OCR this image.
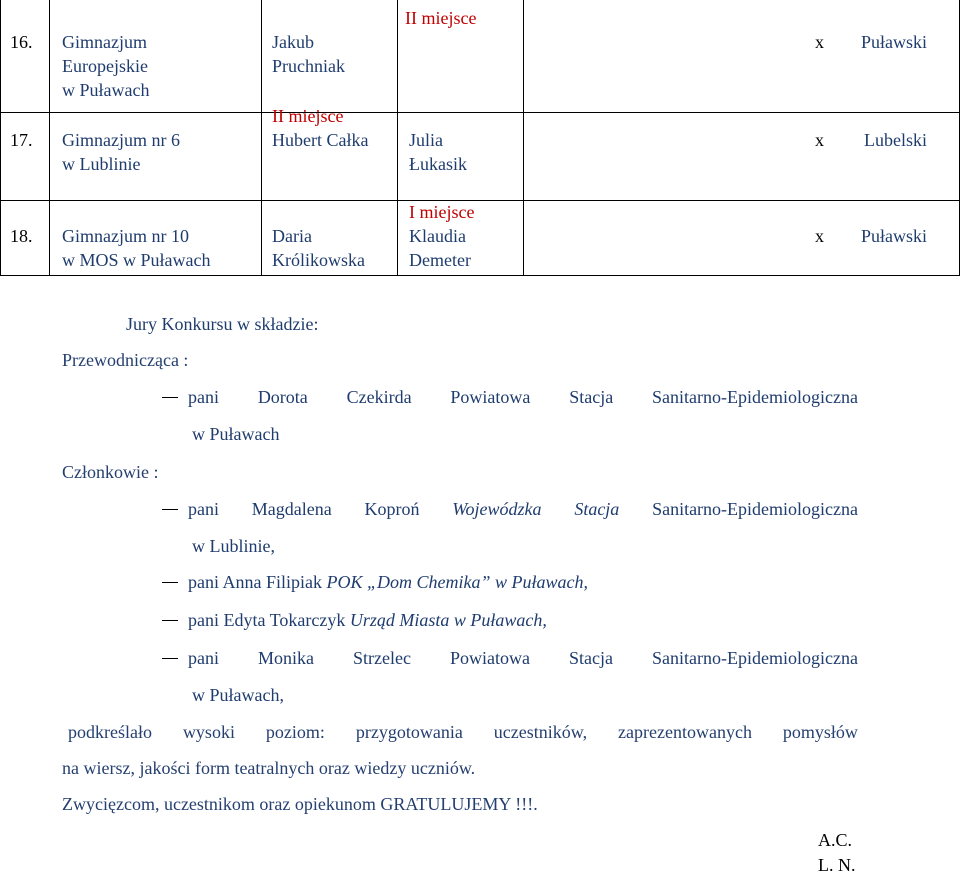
16. Gimnazjum
Europejskie
w Puławach
Jakub
Pruchniak
II miejsce
x Puławski
17. Gimnazjum nr 6
w Lublinie
II miejsce
Hubert Całka Julia
Łukasik
x Lubelski
18. Gimnazjum nr 10
w MOS w Puławach
Daria
Królikowska
I miejsce
Klaudia
Demeter
x Puławski
Jury Konkursu w składzie:
Przewodnicząca :
pani Dorota Czekirda Powiatowa Stacja Sanitarno-Epidemiologiczna
w Puławach
Członkowie :
pani Magdalena Koproń Wojewódzka Stacja Sanitarno-Epidemiologiczna
w Lublinie,
pani Anna Filipiak POK „Dom Chemika” w Puławach,
pani Edyta Tokarczyk Urząd Miasta w Puławach,
pani Monika Strzelec Powiatowa Stacja Sanitarno-Epidemiologiczna
w Puławach,
podkreślało wysoki poziom: przygotowania uczestników, zaprezentowanych pomysłów
na wiersz, jakości form teatralnych oraz wiedzy uczniów.
Zwycięzcom, uczestnikom oraz opiekunom GRATULUJEMY !!!.
A.C.
L. N.
